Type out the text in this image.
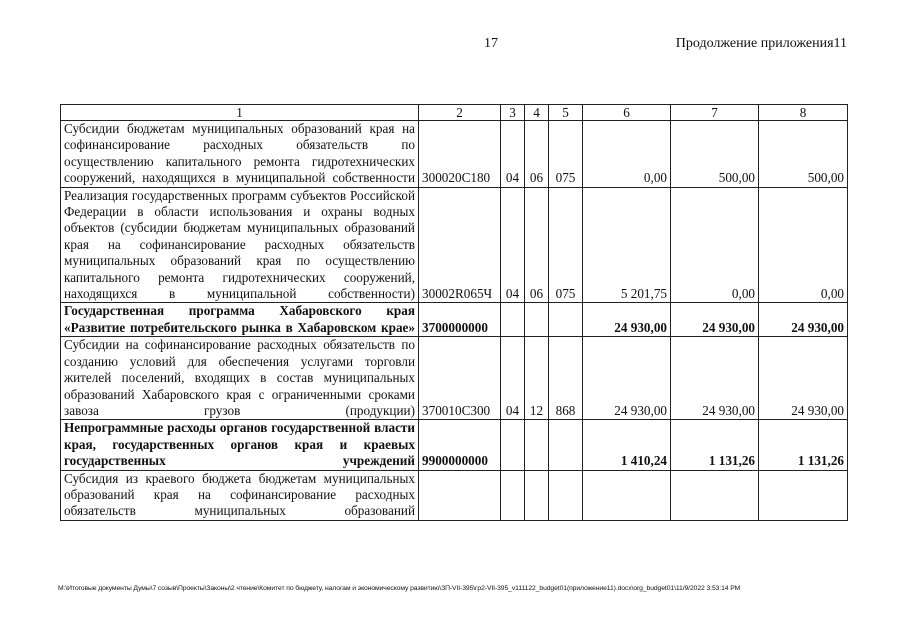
17	Продолжение приложения11
1	2	3	4	5	6	7	8
Субсидии бюджетам муниципальных образований края на софинансирование расходных обязательств по осуществлению капитального ремонта гидротехнических сооружений, находящихся в муниципальной собственности	300020С180	04	06	075	0,00	500,00	500,00
Реализация государственных программ субъектов Российской Федерации в области использования и охраны водных объектов (субсидии бюджетам муниципальных образований края на софинансирование расходных обязательств муниципальных образований края по осуществлению капитального ремонта гидротехнических сооружений, находящихся в муниципальной собственности)	30002R065Ч	04	06	075	5 201,75	0,00	0,00
Государственная программа Хабаровского края «Развитие потребительского рынка в Хабаровском крае»	3700000000				24 930,00	24 930,00	24 930,00
Субсидии на софинансирование расходных обязательств по созданию условий для обеспечения услугами торговли жителей поселений, входящих в состав муниципальных образований Хабаровского края с ограниченными сроками завоза грузов (продукции)	370010С300	04	12	868	24 930,00	24 930,00	24 930,00
Непрограммные расходы органов государственной власти края, государственных органов края и краевых государственных учреждений	9900000000				1 410,24	1 131,26	1 131,26
Субсидия из краевого бюджета бюджетам муниципальных образований края на софинансирование расходных обязательств муниципальных образований							
М:\Итоговые документы Думы\7 созыв\Проекты\Законы\2 чтение\Комитет по бюджету, налогам и экономическому развитию\ЗП-VII-395\гр2-VII-395_v111122_budget01(приложение11).docx\org_budget01\11/9/2022 3:53:14 PM
